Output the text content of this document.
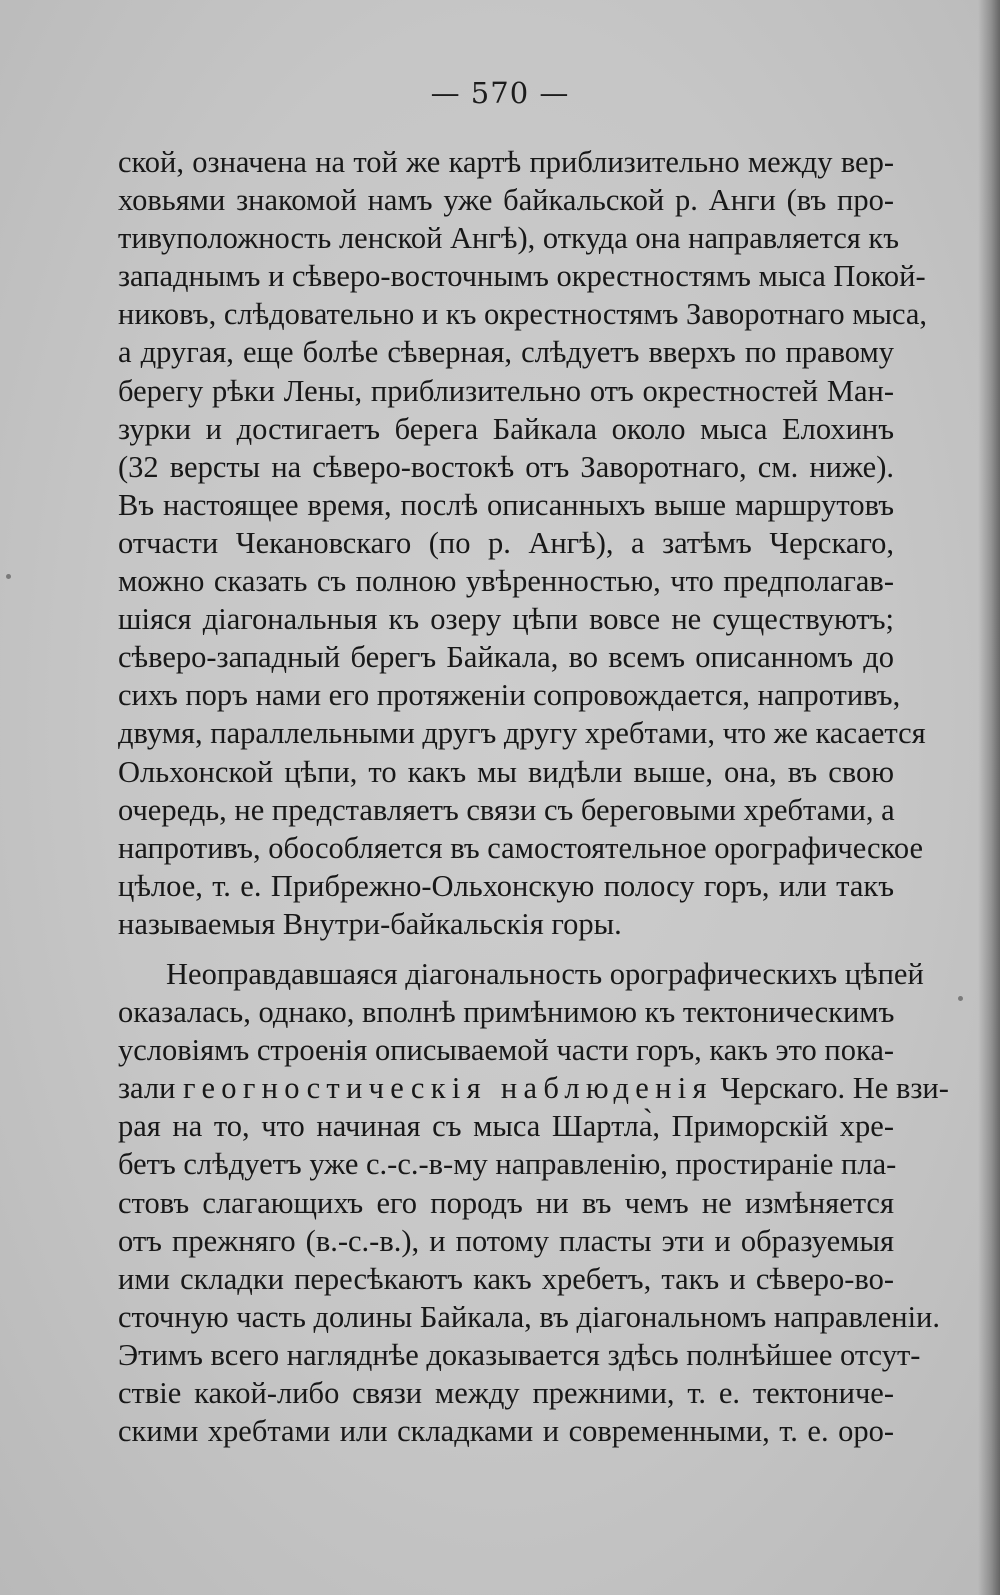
— 570 —
ской, означена на той же картѣ приблизительно между вер-
ховьями знакомой намъ уже байкальской р. Анги (въ про-
тивуположность ленской Ангѣ), откуда она направляется къ
западнымъ и сѣверо-восточнымъ окрестностямъ мыса Покой-
никовъ, слѣдовательно и къ окрестностямъ Заворотнаго мыса,
а другая, еще болѣе сѣверная, слѣдуетъ вверхъ по правому
берегу рѣки Лены, приблизительно отъ окрестностей Ман-
зурки и достигаетъ берега Байкала около мыса Елохинъ
(32 версты на сѣверо-востокѣ отъ Заворотнаго, см. ниже).
Въ настоящее время, послѣ описанныхъ выше маршрутовъ
отчасти Чекановскаго (по р. Ангѣ), а затѣмъ Черскаго,
можно сказать съ полною увѣренностью, что предполагав-
шіяся діагональныя къ озеру цѣпи вовсе не существуютъ;
сѣверо-западный берегъ Байкала, во всемъ описанномъ до
сихъ поръ нами его протяженіи сопровождается, напротивъ,
двумя, параллельными другъ другу хребтами, что же касается
Ольхонской цѣпи, то какъ мы видѣли выше, она, въ свою
очередь, не представляетъ связи съ береговыми хребтами, а
напротивъ, обособляется въ самостоятельное орографическое
цѣлое, т. е. Прибрежно-Ольхонскую полосу горъ, или такъ
называемыя Внутри-байкальскія горы.
Неоправдавшаяся діагональность орографическихъ цѣпей
оказалась, однако, вполнѣ примѣнимою къ тектоническимъ
условіямъ строенія описываемой части горъ, какъ это пока-
зали геогностическія наблюденія Черскаго. Не взи-
рая на то, что начиная съ мыса Шартла̀, Приморскій хре-
бетъ слѣдуетъ уже с.-с.-в-му направленію, простираніе пла-
стовъ слагающихъ его породъ ни въ чемъ не измѣняется
отъ прежняго (в.-с.-в.), и потому пласты эти и образуемыя
ими складки пересѣкаютъ какъ хребетъ, такъ и сѣверо-во-
сточную часть долины Байкала, въ діагональномъ направленіи.
Этимъ всего нагляднѣе доказывается здѣсь полнѣйшее отсут-
ствіе какой-либо связи между прежними, т. е. тектониче-
скими хребтами или складками и современными, т. е. оро-
